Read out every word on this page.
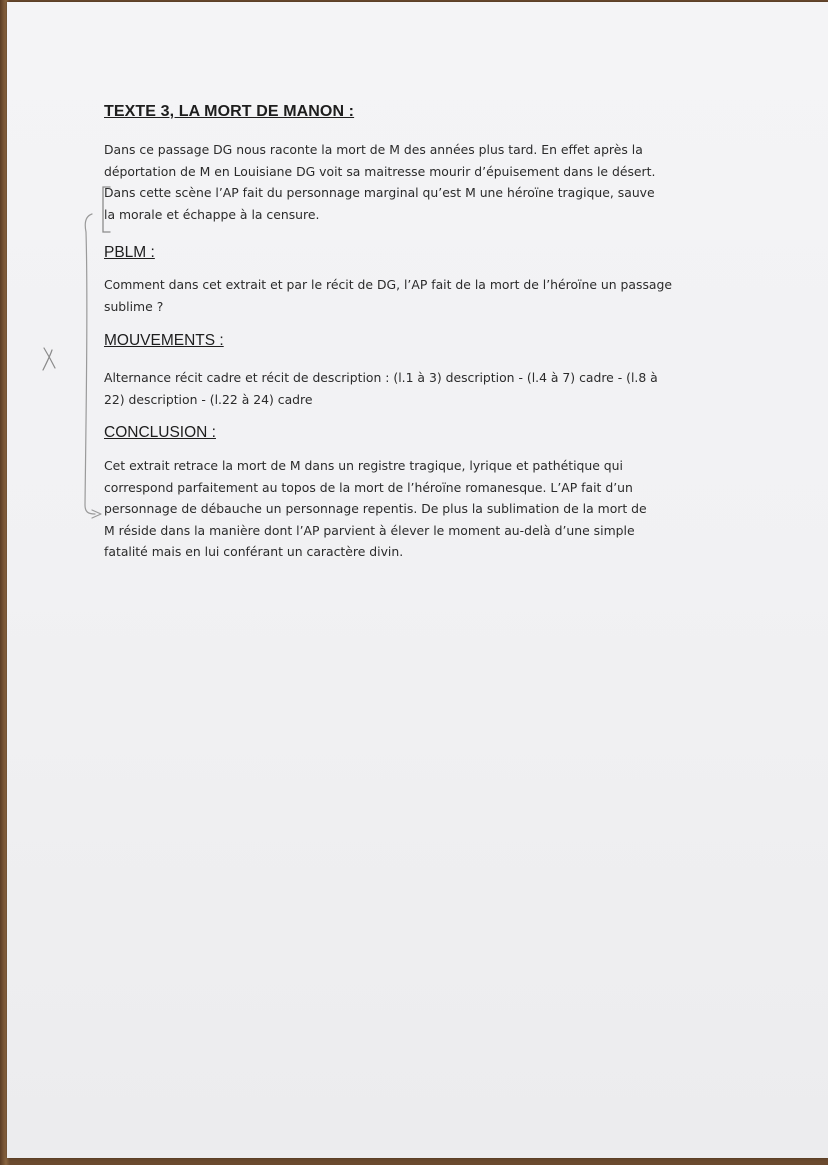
TEXTE 3, LA MORT DE MANON :
Dans ce passage DG nous raconte la mort de M des années plus tard. En effet après la
déportation de M en Louisiane DG voit sa maitresse mourir d’épuisement dans le désert.
Dans cette scène l’AP fait du personnage marginal qu’est M une héroïne tragique, sauve
la morale et échappe à la censure.
PBLM :
Comment dans cet extrait et par le récit de DG, l’AP fait de la mort de l’héroïne un passage
sublime ?
MOUVEMENTS :
Alternance récit cadre et récit de description : (l.1 à 3) description - (l.4 à 7) cadre - (l.8 à
22) description - (l.22 à 24) cadre
CONCLUSION :
Cet extrait retrace la mort de M dans un registre tragique, lyrique et pathétique qui
correspond parfaitement au topos de la mort de l’héroïne romanesque. L’AP fait d’un
personnage de débauche un personnage repentis. De plus la sublimation de la mort de
M réside dans la manière dont l’AP parvient à élever le moment au-delà d’une simple
fatalité mais en lui conférant un caractère divin.
